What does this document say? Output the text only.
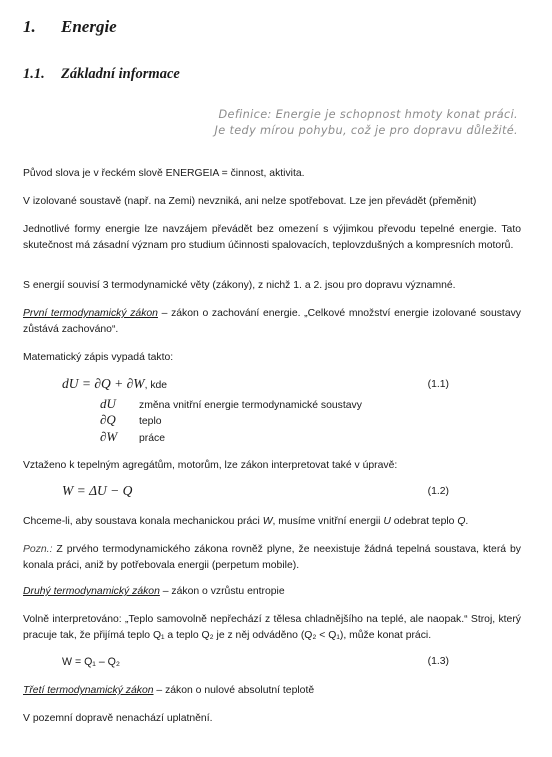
1. Energie
1.1. Základní informace
Definice: Energie je schopnost hmoty konat práci.
Je tedy mírou pohybu, což je pro dopravu důležité.
Původ slova je v řeckém slově ENERGEIA = činnost, aktivita.
V izolované soustavě (např. na Zemi) nevzniká, ani nelze spotřebovat. Lze jen převádět (přeměnit)
Jednotlivé formy energie lze navzájem převádět bez omezení s výjimkou převodu tepelné energie. Tato skutečnost má zásadní význam pro studium účinnosti spalovacích, teplovzdušných a kompresních motorů.
S energií souvisí 3 termodynamické věty (zákony), z nichž 1. a 2. jsou pro dopravu významné.
První termodynamický zákon – zákon o zachování energie. „Celkové množství energie izolované soustavy zůstává zachováno“.
Matematický zápis vypadá takto:
dU = ∂Q + ∂W, kde	(1.1)
dU změna vnitřní energie termodynamické soustavy
∂Q teplo
∂W práce
Vztaženo k tepelným agregátům, motorům, lze zákon interpretovat také v úpravě:
W = ΔU − Q	(1.2)
Chceme-li, aby soustava konala mechanickou práci W, musíme vnitřní energii U odebrat teplo Q.
Pozn.: Z prvého termodynamického zákona rovněž plyne, že neexistuje žádná tepelná soustava, která by konala práci, aniž by potřebovala energii (perpetum mobile).
Druhý termodynamický zákon – zákon o vzrůstu entropie
Volně interpretováno: „Teplo samovolně nepřechází z tělesa chladnějšího na teplé, ale naopak.“ Stroj, který pracuje tak, že přijímá teplo Q₁ a teplo Q₂ je z něj odváděno (Q₂ < Q₁), může konat práci.
W = Q₁ – Q₂	(1.3)
Třetí termodynamický zákon – zákon o nulové absolutní teplotě
V pozemní dopravě nenachází uplatnění.
